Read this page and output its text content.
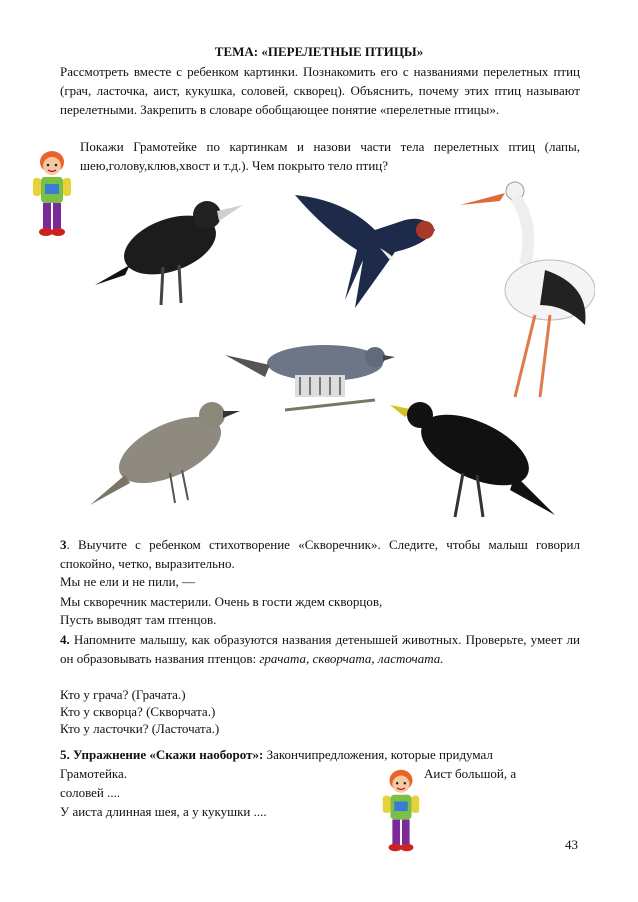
ТЕМА: «ПЕРЕЛЕТНЫЕ ПТИЦЫ»
Рассмотреть вместе с ребенком картинки. Познакомить его с названиями перелетных птиц (грач, ласточка, аист, кукушка, соловей, скворец). Объяснить, почему этих птиц называют перелетными. Закрепить в словаре обобщающее понятие «перелетные птицы».
Покажи Грамотейке по картинкам и назови части тела перелетных птиц (лапы, шею,голову,клюв,хвост и т.д.). Чем покрыто тело птиц?
3. Выучите с ребенком стихотворение «Скворечник». Следите, чтобы малыш говорил спокойно, четко, выразительно.
Мы не ели и не пили, —
Мы скворечник мастерили. Очень в гости ждем скворцов,
Пусть выводят там птенцов.
4. Напомните малышу, как образуются названия детенышей животных. Проверьте, умеет ли он образовывать названия птенцов: грачата, скворчата, ласточата.
Кто у грача? (Грачата.)
Кто у скворца? (Скворчата.)
Кто у ласточки? (Ласточата.)
5. Упражнение «Скажи наоборот»: Закончипредложения, которые придумал
Грамотейка.	Аист большой, а
соловей ....
У аиста длинная шея, а у кукушки ....
43
